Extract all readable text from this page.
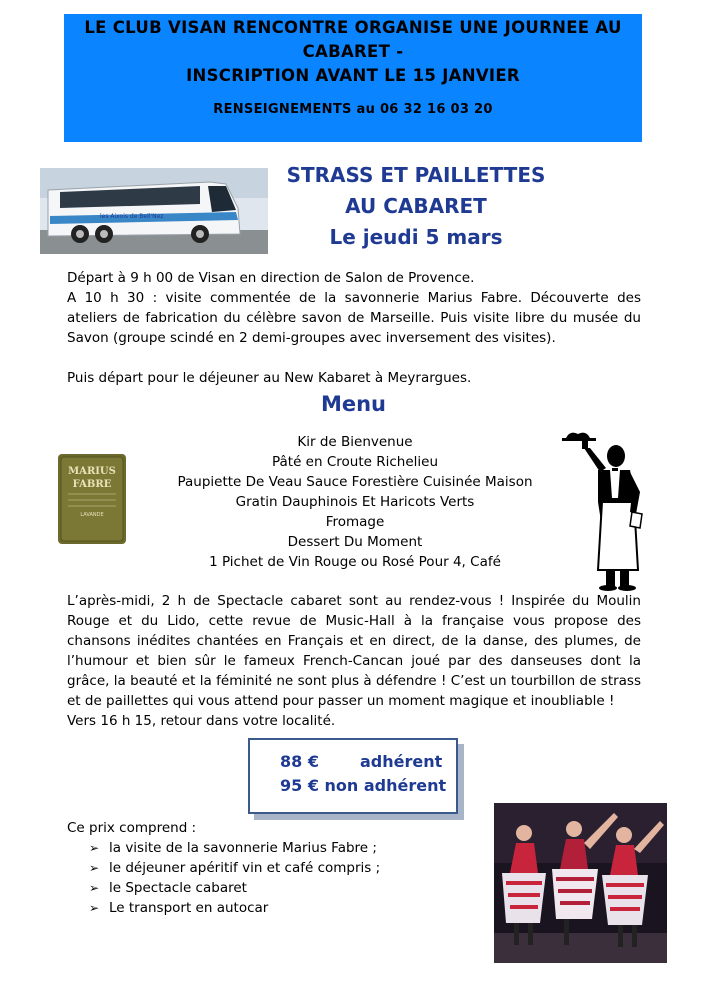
LE CLUB VISAN RENCONTRE ORGANISE UNE JOURNEE AU
CABARET -
INSCRIPTION AVANT LE 15 JANVIER
RENSEIGNEMENTS au 06 32 16 03 20
les Aixois de Bell'Nez
STRASS ET PAILLETTES
AU CABARET
Le jeudi 5 mars
Départ à 9 h 00 de Visan en direction de Salon de Provence.
A 10 h 30 : visite commentée de la savonnerie Marius Fabre. Découverte des ateliers de fabrication du célèbre savon de Marseille. Puis visite libre du musée du Savon (groupe scindé en 2 demi-groupes avec inversement des visites).
Puis départ pour le déjeuner au New Kabaret à Meyrargues.
Menu
MARIUS
FABRE
LAVANDE
Kir de Bienvenue
Pâté en Croute Richelieu
Paupiette De Veau Sauce Forestière Cuisinée Maison
Gratin Dauphinois Et Haricots Verts
Fromage
Dessert Du Moment
1 Pichet de Vin Rouge ou Rosé Pour 4, Café
L’après-midi, 2 h de Spectacle cabaret sont au rendez-vous ! Inspirée du Moulin Rouge et du Lido, cette revue de Music-Hall à la française vous propose des chansons inédites chantées en Français et en direct, de la danse, des plumes, de l’humour et bien sûr le fameux French-Cancan joué par des danseuses dont la grâce, la beauté et la féminité ne sont plus à défendre ! C’est un tourbillon de strass et de paillettes qui vous attend pour passer un moment magique et inoubliable !
Vers 16 h 15, retour dans votre localité.
88 €	adhérent
95 € non adhérent
Ce prix comprend :
➢ la visite de la savonnerie Marius Fabre ;
➢ le déjeuner apéritif vin et café compris ;
➢ le Spectacle cabaret
➢ Le transport en autocar
